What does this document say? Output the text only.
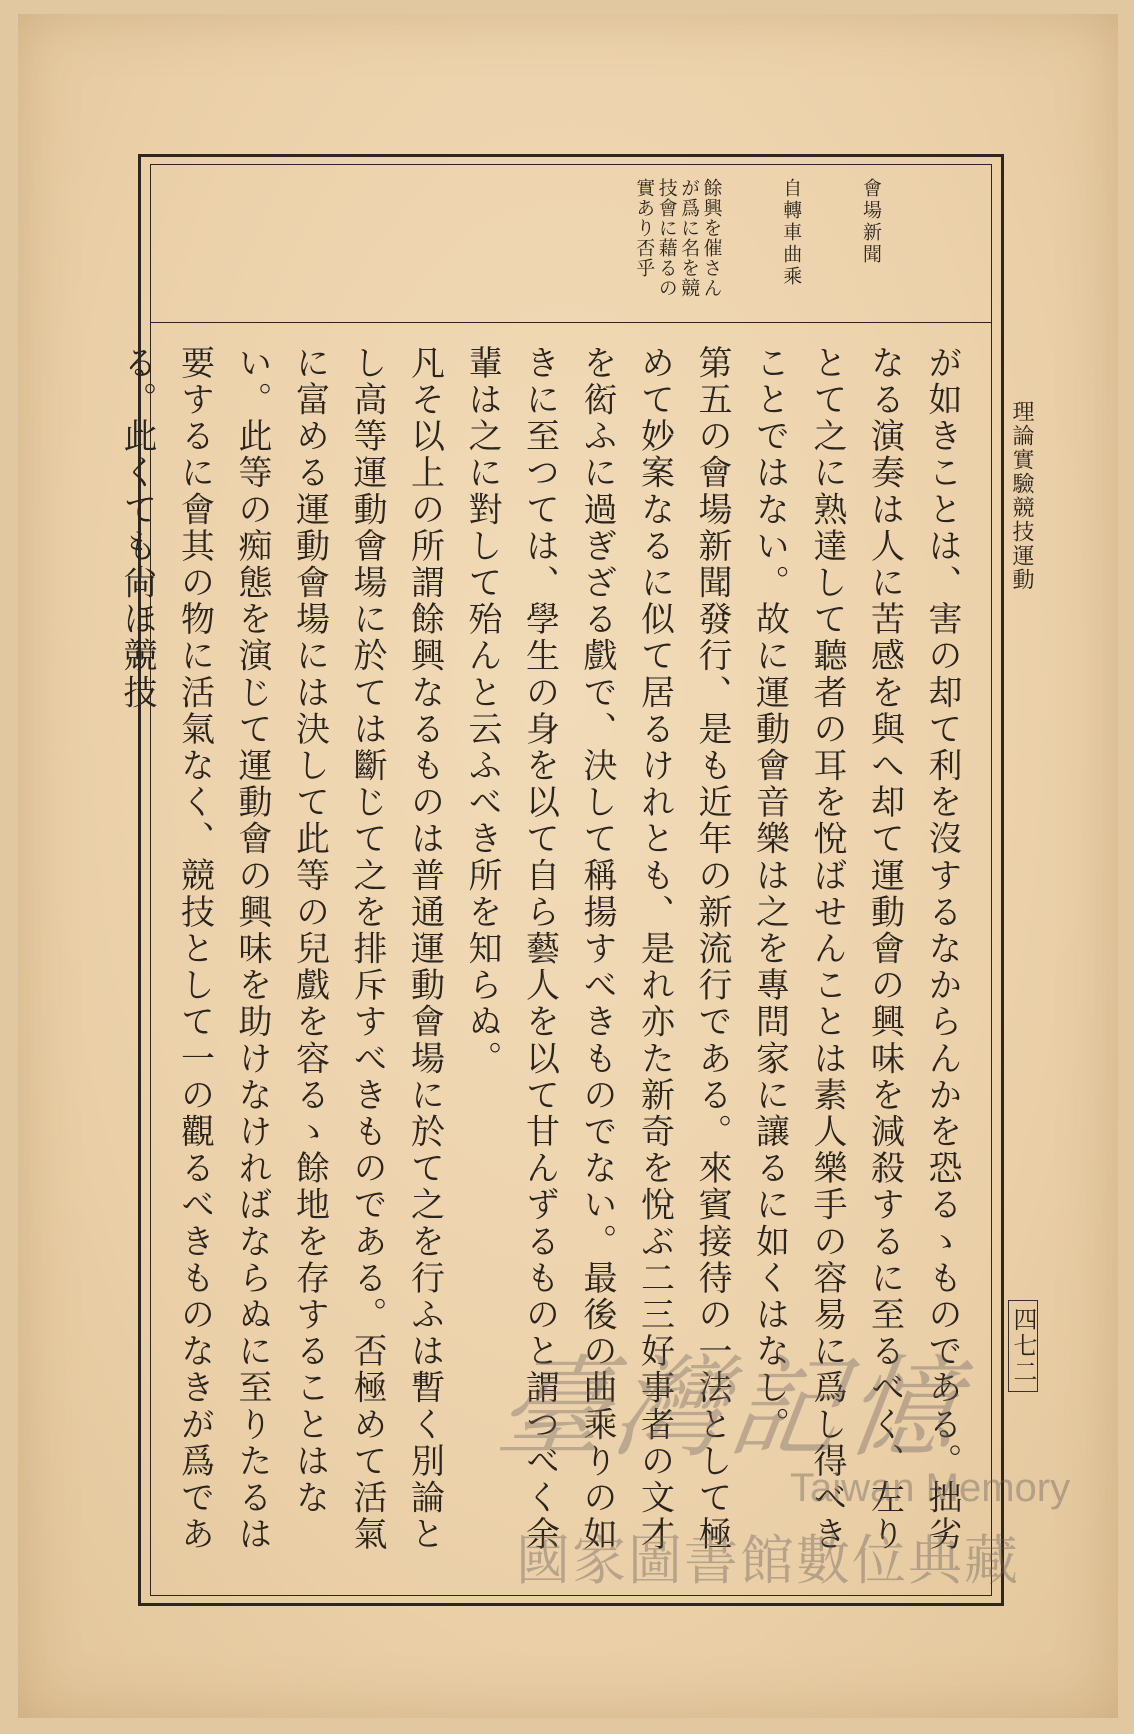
理論實驗競技運動
四七二
會場新聞
自轉車曲乘
餘興を催さん
が爲に名を競
技會に藉るの
實あり否乎

が如きことは、害の却て利を沒するなからんかを恐るゝものである。拙劣なる演奏は人に苦感を與へ却て運動會の興味を減殺するに至るべく、左りとて之に熟達して聽者の耳を悅ばせんことは素人樂手の容易に爲し得べきことではない。故に運動會音樂は之を專問家に讓るに如くはなし。

第五の會場新聞發行、是も近年の新流行である。來賓接待の一法として極めて妙案なるに似て居るけれとも、是れ亦た新奇を悅ぶ二三好事者の文才を衒ふに過ぎざる戲で、決して稱揚すべきものでない。最後の曲乘りの如きに至つては、學生の身を以て自ら藝人を以て甘んずるものと謂つべく余輩は之に對して殆んと云ふべき所を知らぬ。

凡そ以上の所謂餘興なるものは普通運動會場に於て之を行ふは暫く別論とし高等運動會場に於ては斷じて之を排斥すべきものである。否極めて活氣に富める運動會場には決して此等の兒戲を容るゝ餘地を存することはない。此等の痴態を演じて運動會の興味を助けなければならぬに至りたるは要するに會其の物に活氣なく、競技として一の觀るべきものなきが爲である。此くても尙ほ競技

臺灣記憶
Taiwan Memory
國家圖書館數位典藏
